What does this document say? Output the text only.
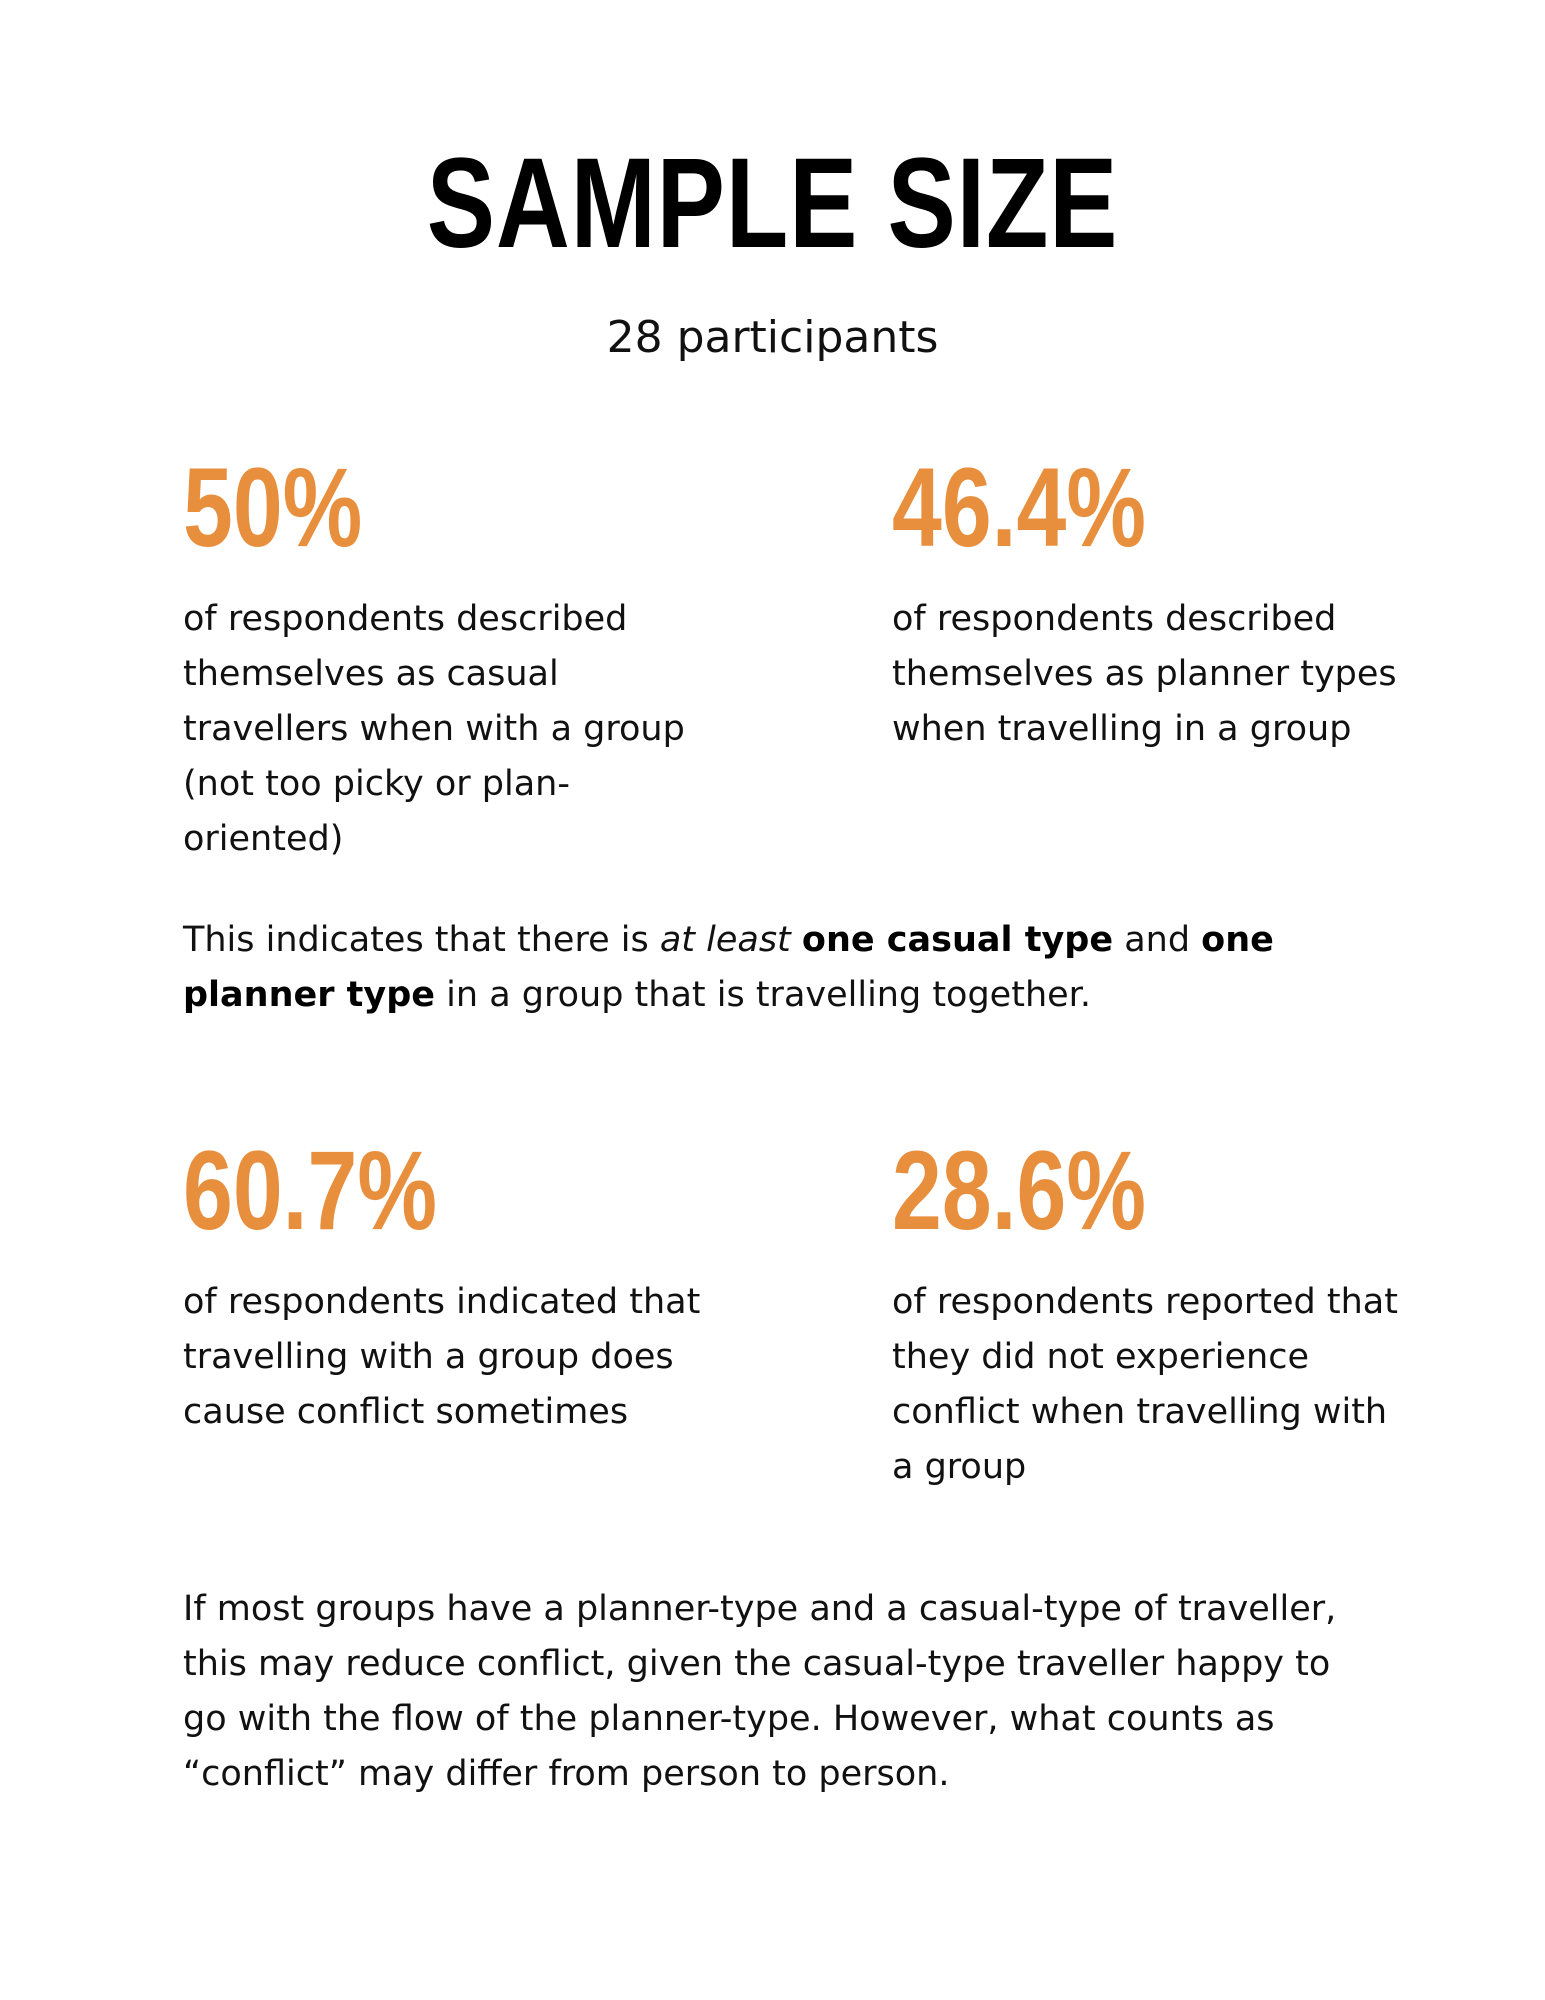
SAMPLE SIZE
28 participants
50%
of respondents described themselves as casual travellers when with a group (not too picky or plan-oriented)
46.4%
of respondents described themselves as planner types when travelling in a group
This indicates that there is at least one casual type and one planner type in a group that is travelling together.
60.7%
of respondents indicated that travelling with a group does cause conflict sometimes
28.6%
of respondents reported that they did not experience conflict when travelling with a group
If most groups have a planner-type and a casual-type of traveller, this may reduce conflict, given the casual-type traveller happy to go with the flow of the planner-type. However, what counts as “conflict” may differ from person to person.
